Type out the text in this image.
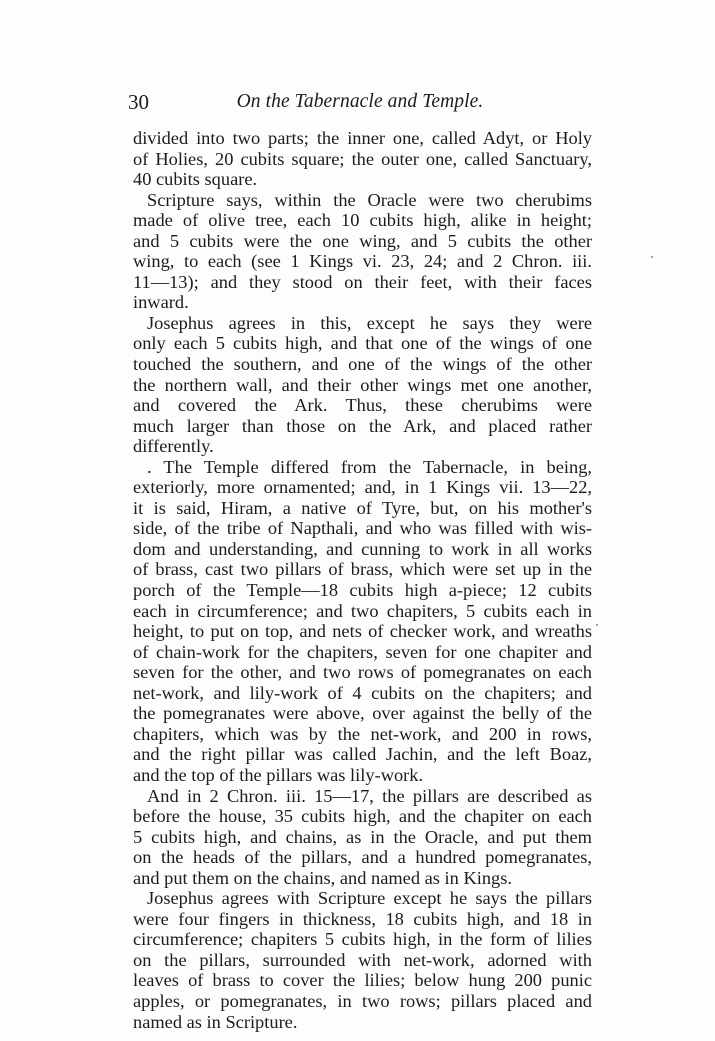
30	On the Tabernacle and Temple.
divided into two parts; the inner one, called Adyt, or Holy
of Holies, 20 cubits square; the outer one, called Sanctuary,
40 cubits square.
Scripture says, within the Oracle were two cherubims
made of olive tree, each 10 cubits high, alike in height;
and 5 cubits were the one wing, and 5 cubits the other
wing, to each (see 1 Kings vi. 23, 24; and 2 Chron. iii.
11—13); and they stood on their feet, with their faces
inward.
Josephus agrees in this, except he says they were
only each 5 cubits high, and that one of the wings of one
touched the southern, and one of the wings of the other
the northern wall, and their other wings met one another,
and covered the Ark. Thus, these cherubims were
much larger than those on the Ark, and placed rather
differently.
. The Temple differed from the Tabernacle, in being,
exteriorly, more ornamented; and, in 1 Kings vii. 13—22,
it is said, Hiram, a native of Tyre, but, on his mother's
side, of the tribe of Napthali, and who was filled with wis-
dom and understanding, and cunning to work in all works
of brass, cast two pillars of brass, which were set up in the
porch of the Temple—18 cubits high a-piece; 12 cubits
each in circumference; and two chapiters, 5 cubits each in
height, to put on top, and nets of checker work, and wreaths
of chain-work for the chapiters, seven for one chapiter and
seven for the other, and two rows of pomegranates on each
net-work, and lily-work of 4 cubits on the chapiters; and
the pomegranates were above, over against the belly of the
chapiters, which was by the net-work, and 200 in rows,
and the right pillar was called Jachin, and the left Boaz,
and the top of the pillars was lily-work.
And in 2 Chron. iii. 15—17, the pillars are described as
before the house, 35 cubits high, and the chapiter on each
5 cubits high, and chains, as in the Oracle, and put them
on the heads of the pillars, and a hundred pomegranates,
and put them on the chains, and named as in Kings.
Josephus agrees with Scripture except he says the pillars
were four fingers in thickness, 18 cubits high, and 18 in
circumference; chapiters 5 cubits high, in the form of lilies
on the pillars, surrounded with net-work, adorned with
leaves of brass to cover the lilies; below hung 200 punic
apples, or pomegranates, in two rows; pillars placed and
named as in Scripture.
